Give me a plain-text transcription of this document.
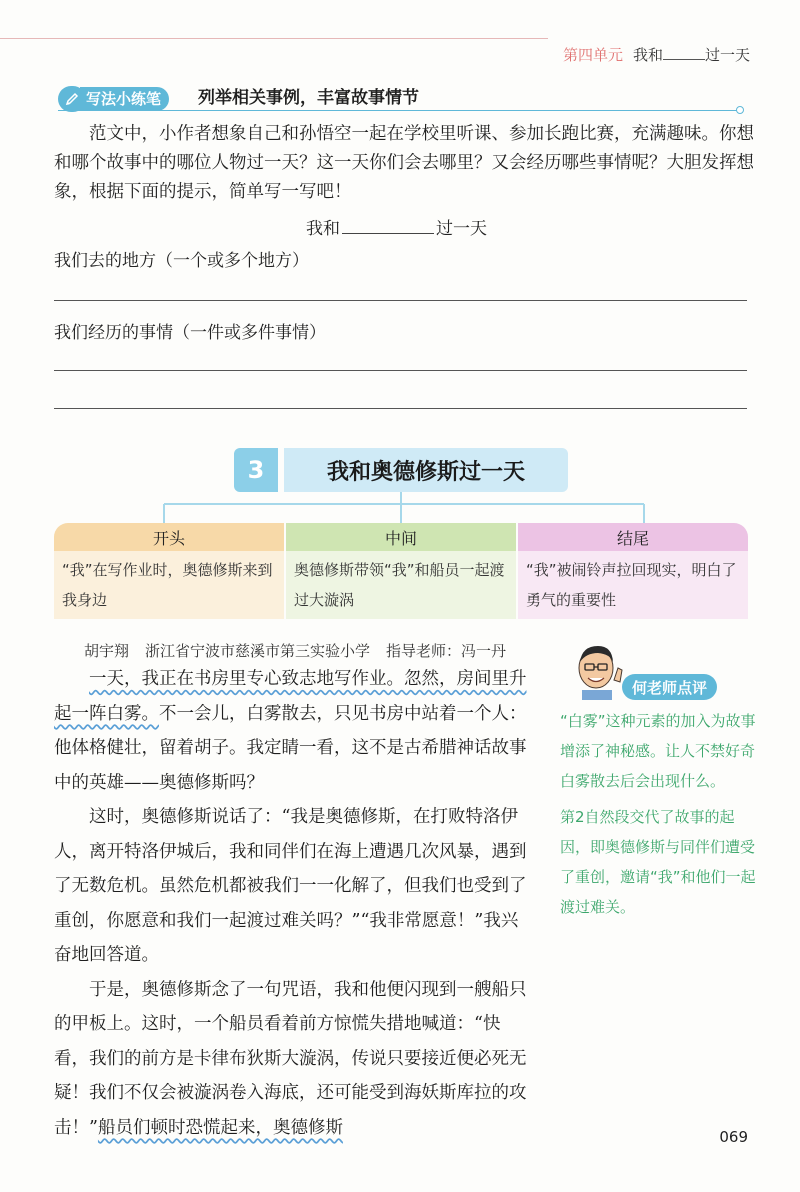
第四单元 我和	过一天
写法小练笔	列举相关事例，丰富故事情节

范文中，小作者想象自己和孙悟空一起在学校里听课、参加长跑比赛，充满趣味。你想和哪个故事中的哪位人物过一天？这一天你们会去哪里？又会经历哪些事情呢？大胆发挥想象，根据下面的提示，简单写一写吧！

我和	过一天
我们去的地方（一个或多个地方）
我们经历的事情（一件或多件事情）
3	我和奥德修斯过一天
开头
“我”在写作业时，奥德修斯来到我身边
中间
奥德修斯带领“我”和船员一起渡过大漩涡
结尾
“我”被闹铃声拉回现实，明白了勇气的重要性
胡宇翔 浙江省宁波市慈溪市第三实验小学 指导老师：冯一丹

一天，我正在书房里专心致志地写作业。忽然，房间里升起一阵白雾。不一会儿，白雾散去，只见书房中站着一个人：他体格健壮，留着胡子。我定睛一看，这不是古希腊神话故事中的英雄——奥德修斯吗？

这时，奥德修斯说话了：“我是奥德修斯，在打败特洛伊人，离开特洛伊城后，我和同伴们在海上遭遇几次风暴，遇到了无数危机。虽然危机都被我们一一化解了，但我们也受到了重创，你愿意和我们一起渡过难关吗？”“我非常愿意！”我兴奋地回答道。

于是，奥德修斯念了一句咒语，我和他便闪现到一艘船只的甲板上。这时，一个船员看着前方惊慌失措地喊道：“快看，我们的前方是卡律布狄斯大漩涡，传说只要接近便必死无疑！我们不仅会被漩涡卷入海底，还可能受到海妖斯库拉的攻击！”船员们顿时恐慌起来，奥德修斯

何老师点评

“白雾”这种元素的加入为故事增添了神秘感。让人不禁好奇白雾散去后会出现什么。

第2自然段交代了故事的起因，即奥德修斯与同伴们遭受了重创，邀请“我”和他们一起渡过难关。

069
